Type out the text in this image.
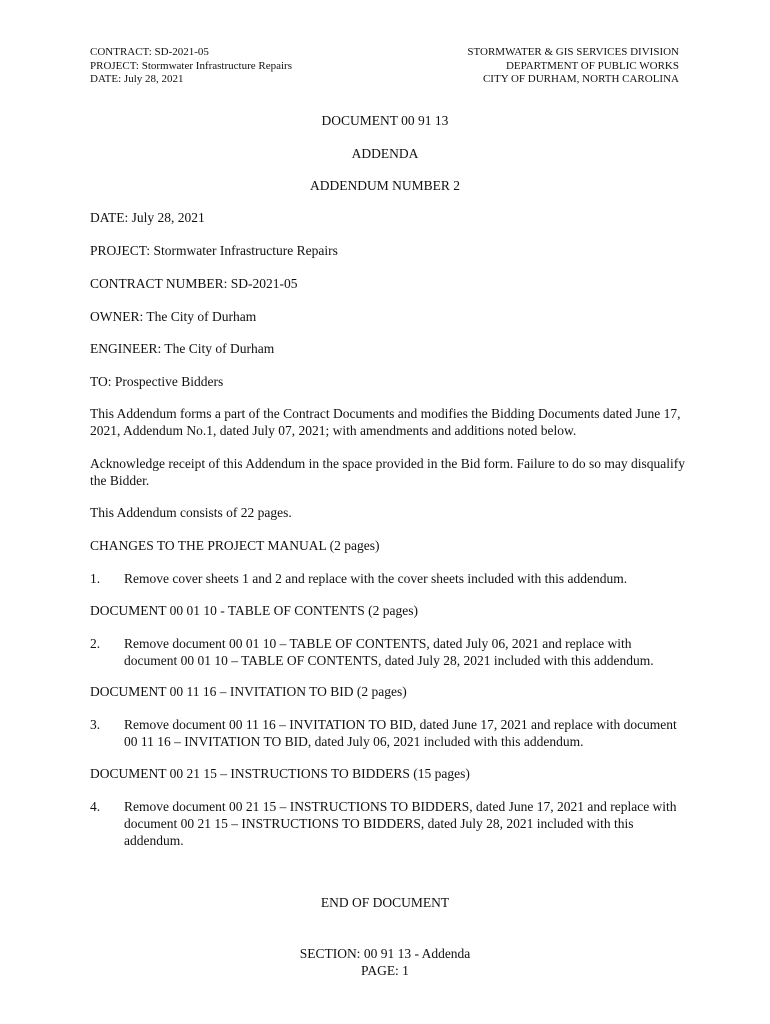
CONTRACT: SD-2021-05
PROJECT: Stormwater Infrastructure Repairs
DATE: July 28, 2021
STORMWATER & GIS SERVICES DIVISION
DEPARTMENT OF PUBLIC WORKS
CITY OF DURHAM, NORTH CAROLINA
DOCUMENT 00 91 13
ADDENDA
ADDENDUM NUMBER 2
DATE: July 28, 2021
PROJECT: Stormwater Infrastructure Repairs
CONTRACT NUMBER: SD-2021-05
OWNER: The City of Durham
ENGINEER: The City of Durham
TO: Prospective Bidders
This Addendum forms a part of the Contract Documents and modifies the Bidding Documents dated June 17, 2021, Addendum No.1, dated July 07, 2021; with amendments and additions noted below.
Acknowledge receipt of this Addendum in the space provided in the Bid form. Failure to do so may disqualify the Bidder.
This Addendum consists of 22 pages.
CHANGES TO THE PROJECT MANUAL (2 pages)
1. Remove cover sheets 1 and 2 and replace with the cover sheets included with this addendum.
DOCUMENT 00 01 10 - TABLE OF CONTENTS (2 pages)
2. Remove document 00 01 10 – TABLE OF CONTENTS, dated July 06, 2021 and replace with document 00 01 10 – TABLE OF CONTENTS, dated July 28, 2021 included with this addendum.
DOCUMENT 00 11 16 – INVITATION TO BID (2 pages)
3. Remove document 00 11 16 – INVITATION TO BID, dated June 17, 2021 and replace with document 00 11 16 – INVITATION TO BID, dated July 06, 2021 included with this addendum.
DOCUMENT 00 21 15 – INSTRUCTIONS TO BIDDERS (15 pages)
4. Remove document 00 21 15 – INSTRUCTIONS TO BIDDERS, dated June 17, 2021 and replace with document 00 21 15 – INSTRUCTIONS TO BIDDERS, dated July 28, 2021 included with this addendum.
END OF DOCUMENT
SECTION: 00 91 13 - Addenda
PAGE: 1
